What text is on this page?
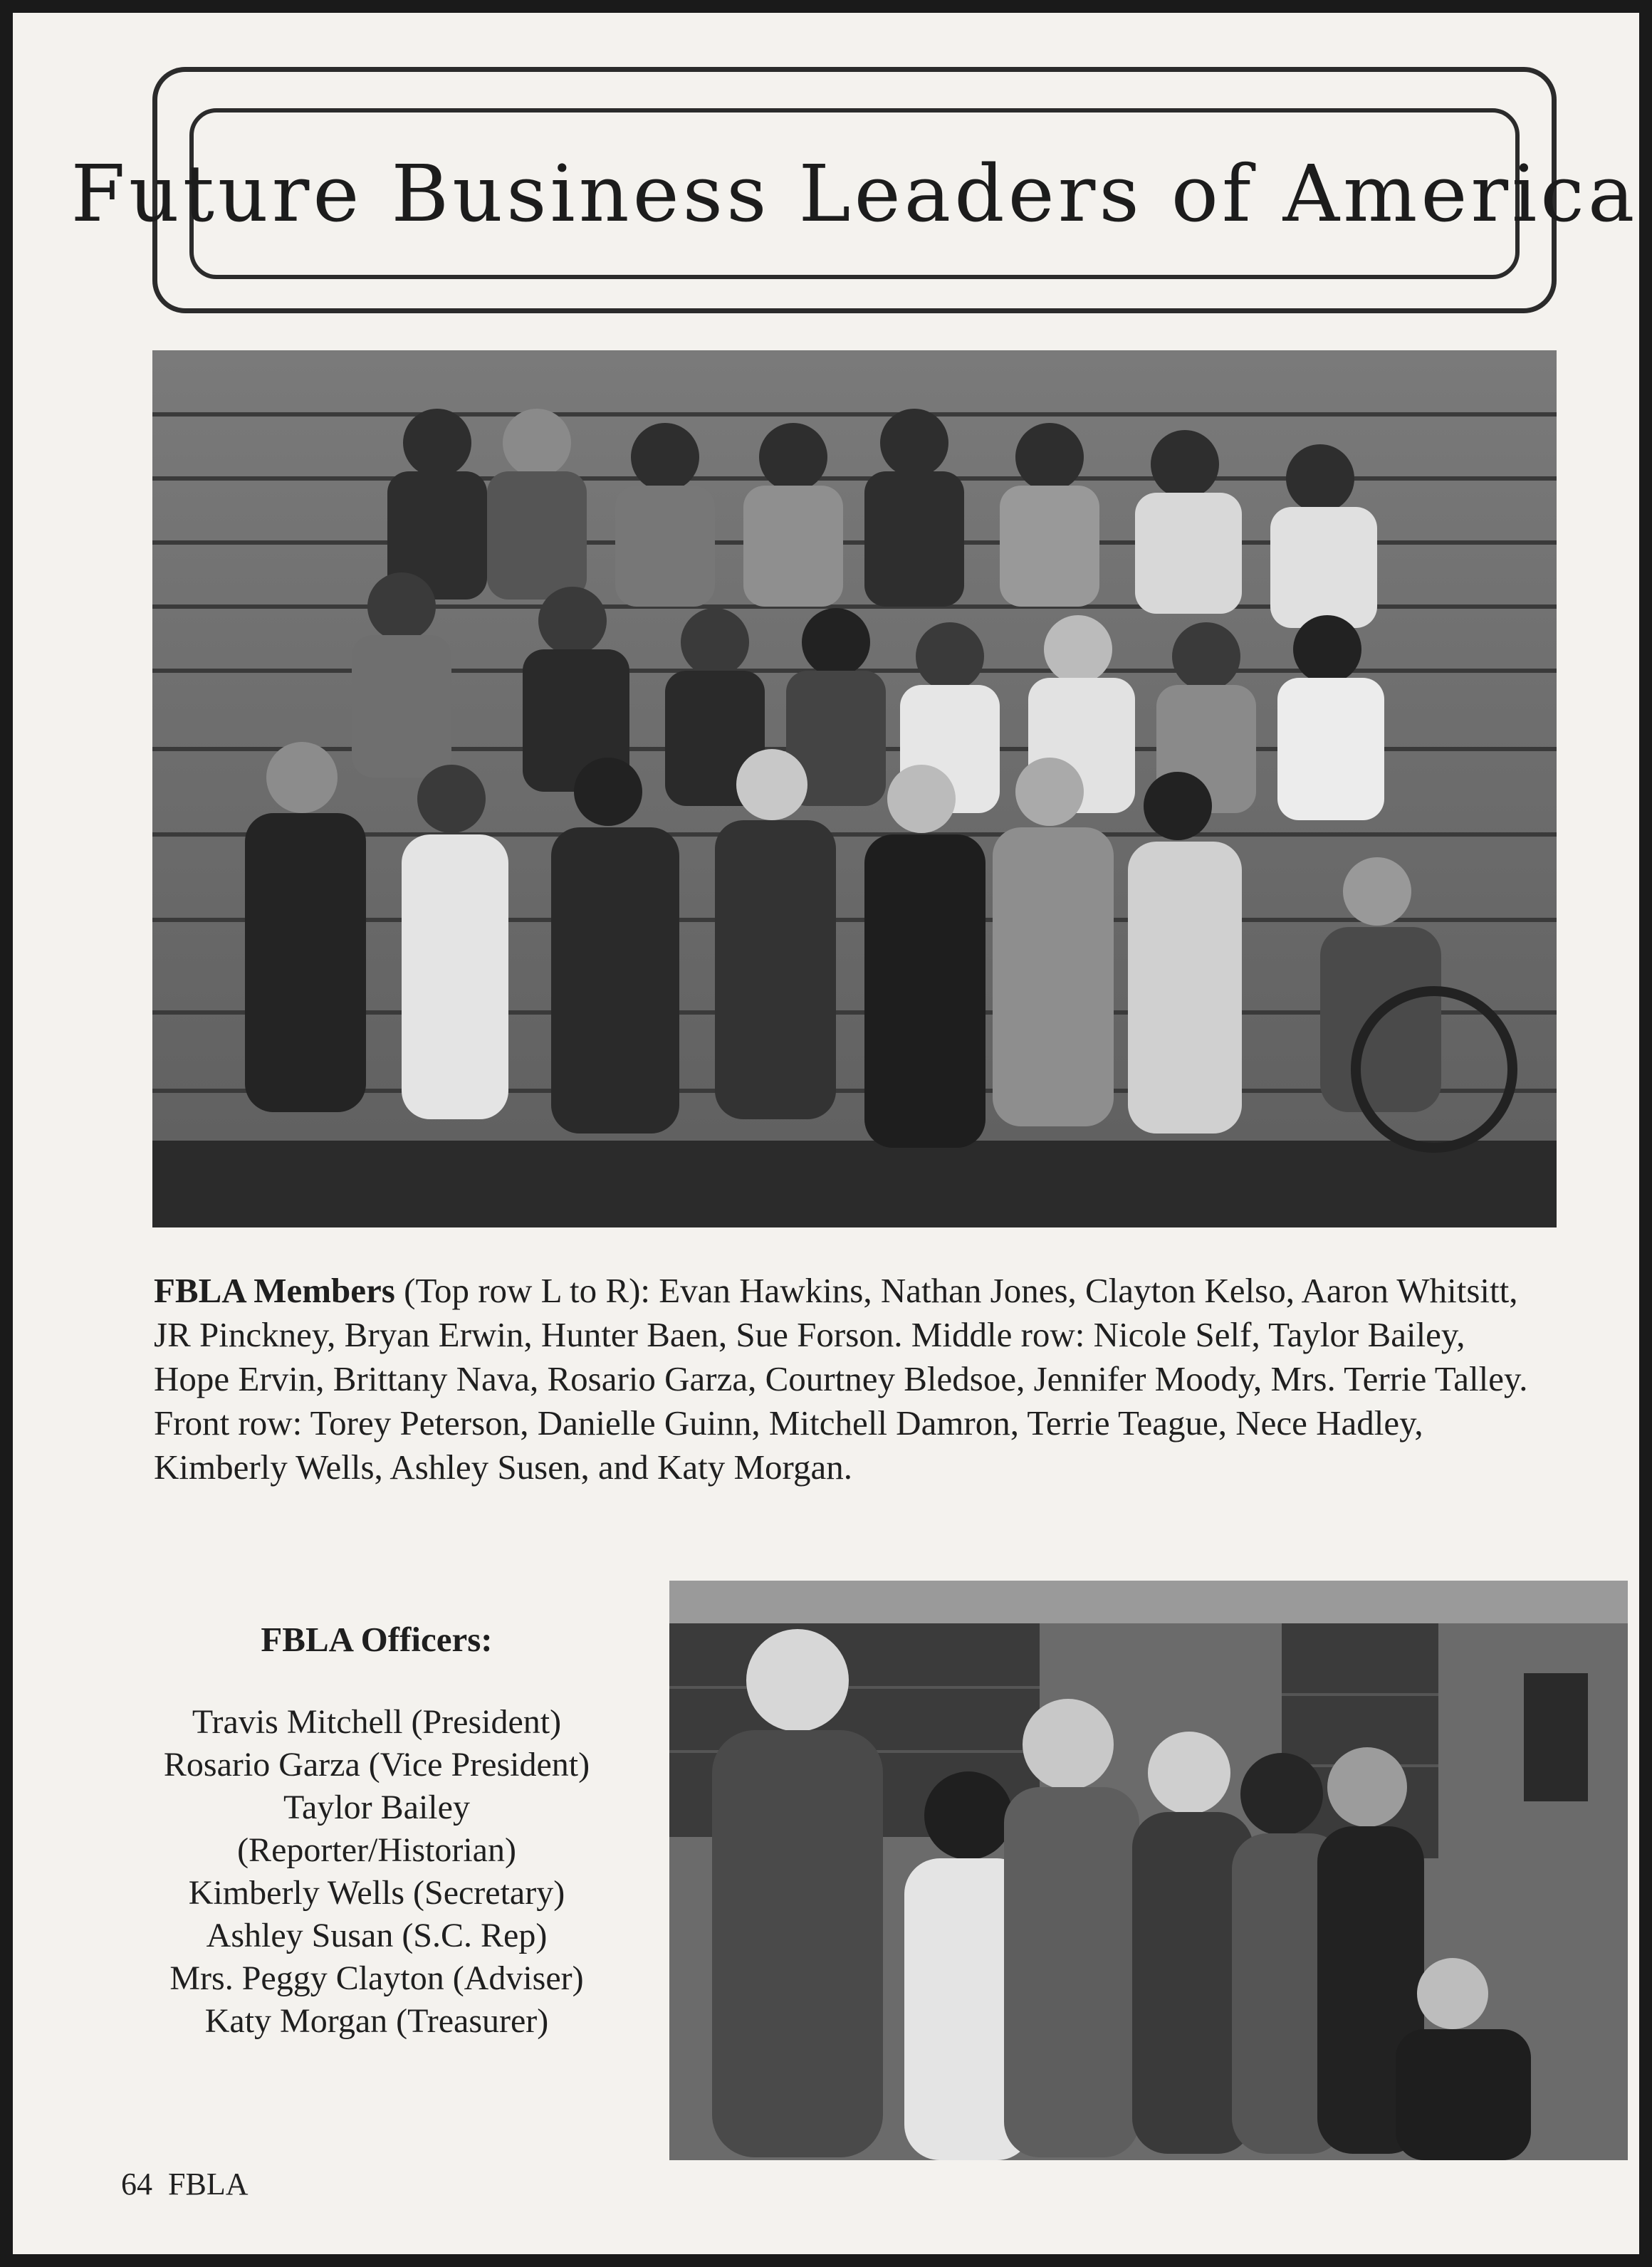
Future Business Leaders of America
FBLA Members (Top row L to R): Evan Hawkins, Nathan Jones, Clayton Kelso, Aaron Whitsitt, JR Pinckney, Bryan Erwin, Hunter Baen, Sue Forson. Middle row: Nicole Self, Taylor Bailey, Hope Ervin, Brittany Nava, Rosario Garza, Courtney Bledsoe, Jennifer Moody, Mrs. Terrie Talley. Front row: Torey Peterson, Danielle Guinn, Mitchell Damron, Terrie Teague, Nece Hadley, Kimberly Wells, Ashley Susen, and Katy Morgan.
FBLA Officers:
Travis Mitchell (President)
Rosario Garza (Vice President)
Taylor Bailey
(Reporter/Historian)
Kimberly Wells (Secretary)
Ashley Susan (S.C. Rep)
Mrs. Peggy Clayton (Adviser)
Katy Morgan (Treasurer)
64 FBLA
